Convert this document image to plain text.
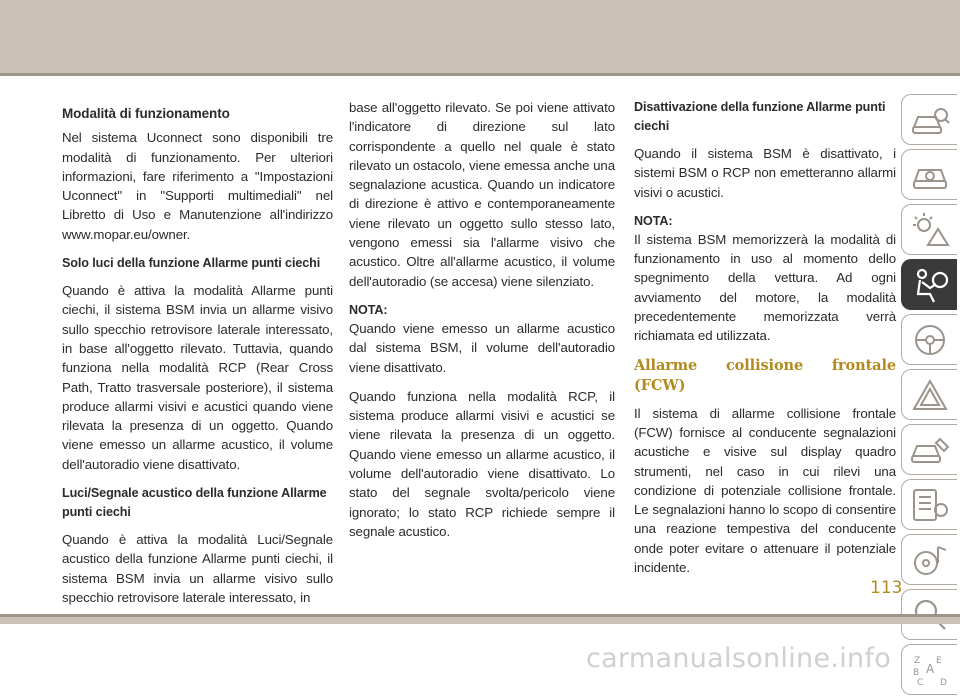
Modalità di funzionamento

Nel sistema Uconnect sono disponibili tre modalità di funzionamento. Per ulteriori informazioni, fare riferimento a "Impostazioni Uconnect" in "Supporti multimediali" nel Libretto di Uso e Manutenzione all'indirizzo www.mopar.eu/owner.

Solo luci della funzione Allarme punti ciechi

Quando è attiva la modalità Allarme punti ciechi, il sistema BSM invia un allarme visivo sullo specchio retrovisore laterale interessato, in base all'oggetto rilevato. Tuttavia, quando funziona nella modalità RCP (Rear Cross Path, Tratto trasversale posteriore), il sistema produce allarmi visivi e acustici quando viene rilevata la presenza di un oggetto. Quando viene emesso un allarme acustico, il volume dell'autoradio viene disattivato.

Luci/Segnale acustico della funzione Allarme punti ciechi

Quando è attiva la modalità Luci/Segnale acustico della funzione Allarme punti ciechi, il sistema BSM invia un allarme visivo sullo specchio retrovisore laterale interessato, in

base all'oggetto rilevato. Se poi viene attivato l'indicatore di direzione sul lato corrispondente a quello nel quale è stato rilevato un ostacolo, viene emessa anche una segnalazione acustica. Quando un indicatore di direzione è attivo e contemporaneamente viene rilevato un oggetto sullo stesso lato, vengono emessi sia l'allarme visivo che acustico. Oltre all'allarme acustico, il volume dell'autoradio (se accesa) viene silenziato.

NOTA:
Quando viene emesso un allarme acustico dal sistema BSM, il volume dell'autoradio viene disattivato.

Quando funziona nella modalità RCP, il sistema produce allarmi visivi e acustici se viene rilevata la presenza di un oggetto. Quando viene emesso un allarme acustico, il volume dell'autoradio viene disattivato. Lo stato del segnale svolta/pericolo viene ignorato; lo stato RCP richiede sempre il segnale acustico.

Disattivazione della funzione Allarme punti ciechi

Quando il sistema BSM è disattivato, i sistemi BSM o RCP non emetteranno allarmi visivi o acustici.

NOTA:
Il sistema BSM memorizzerà la modalità di funzionamento in uso al momento dello spegnimento della vettura. Ad ogni avviamento del motore, la modalità precedentemente memorizzata verrà richiamata ed utilizzata.

Allarme collisione frontale (FCW)

Il sistema di allarme collisione frontale (FCW) fornisce al conducente segnalazioni acustiche e visive sul display quadro strumenti, nel caso in cui rilevi una condizione di potenziale collisione frontale. Le segnalazioni hanno lo scopo di consentire una reazione tempestiva del conducente onde poter evitare o attenuare il potenziale incidente.

Z E
A
B
C D
113
carmanualsonline.info
